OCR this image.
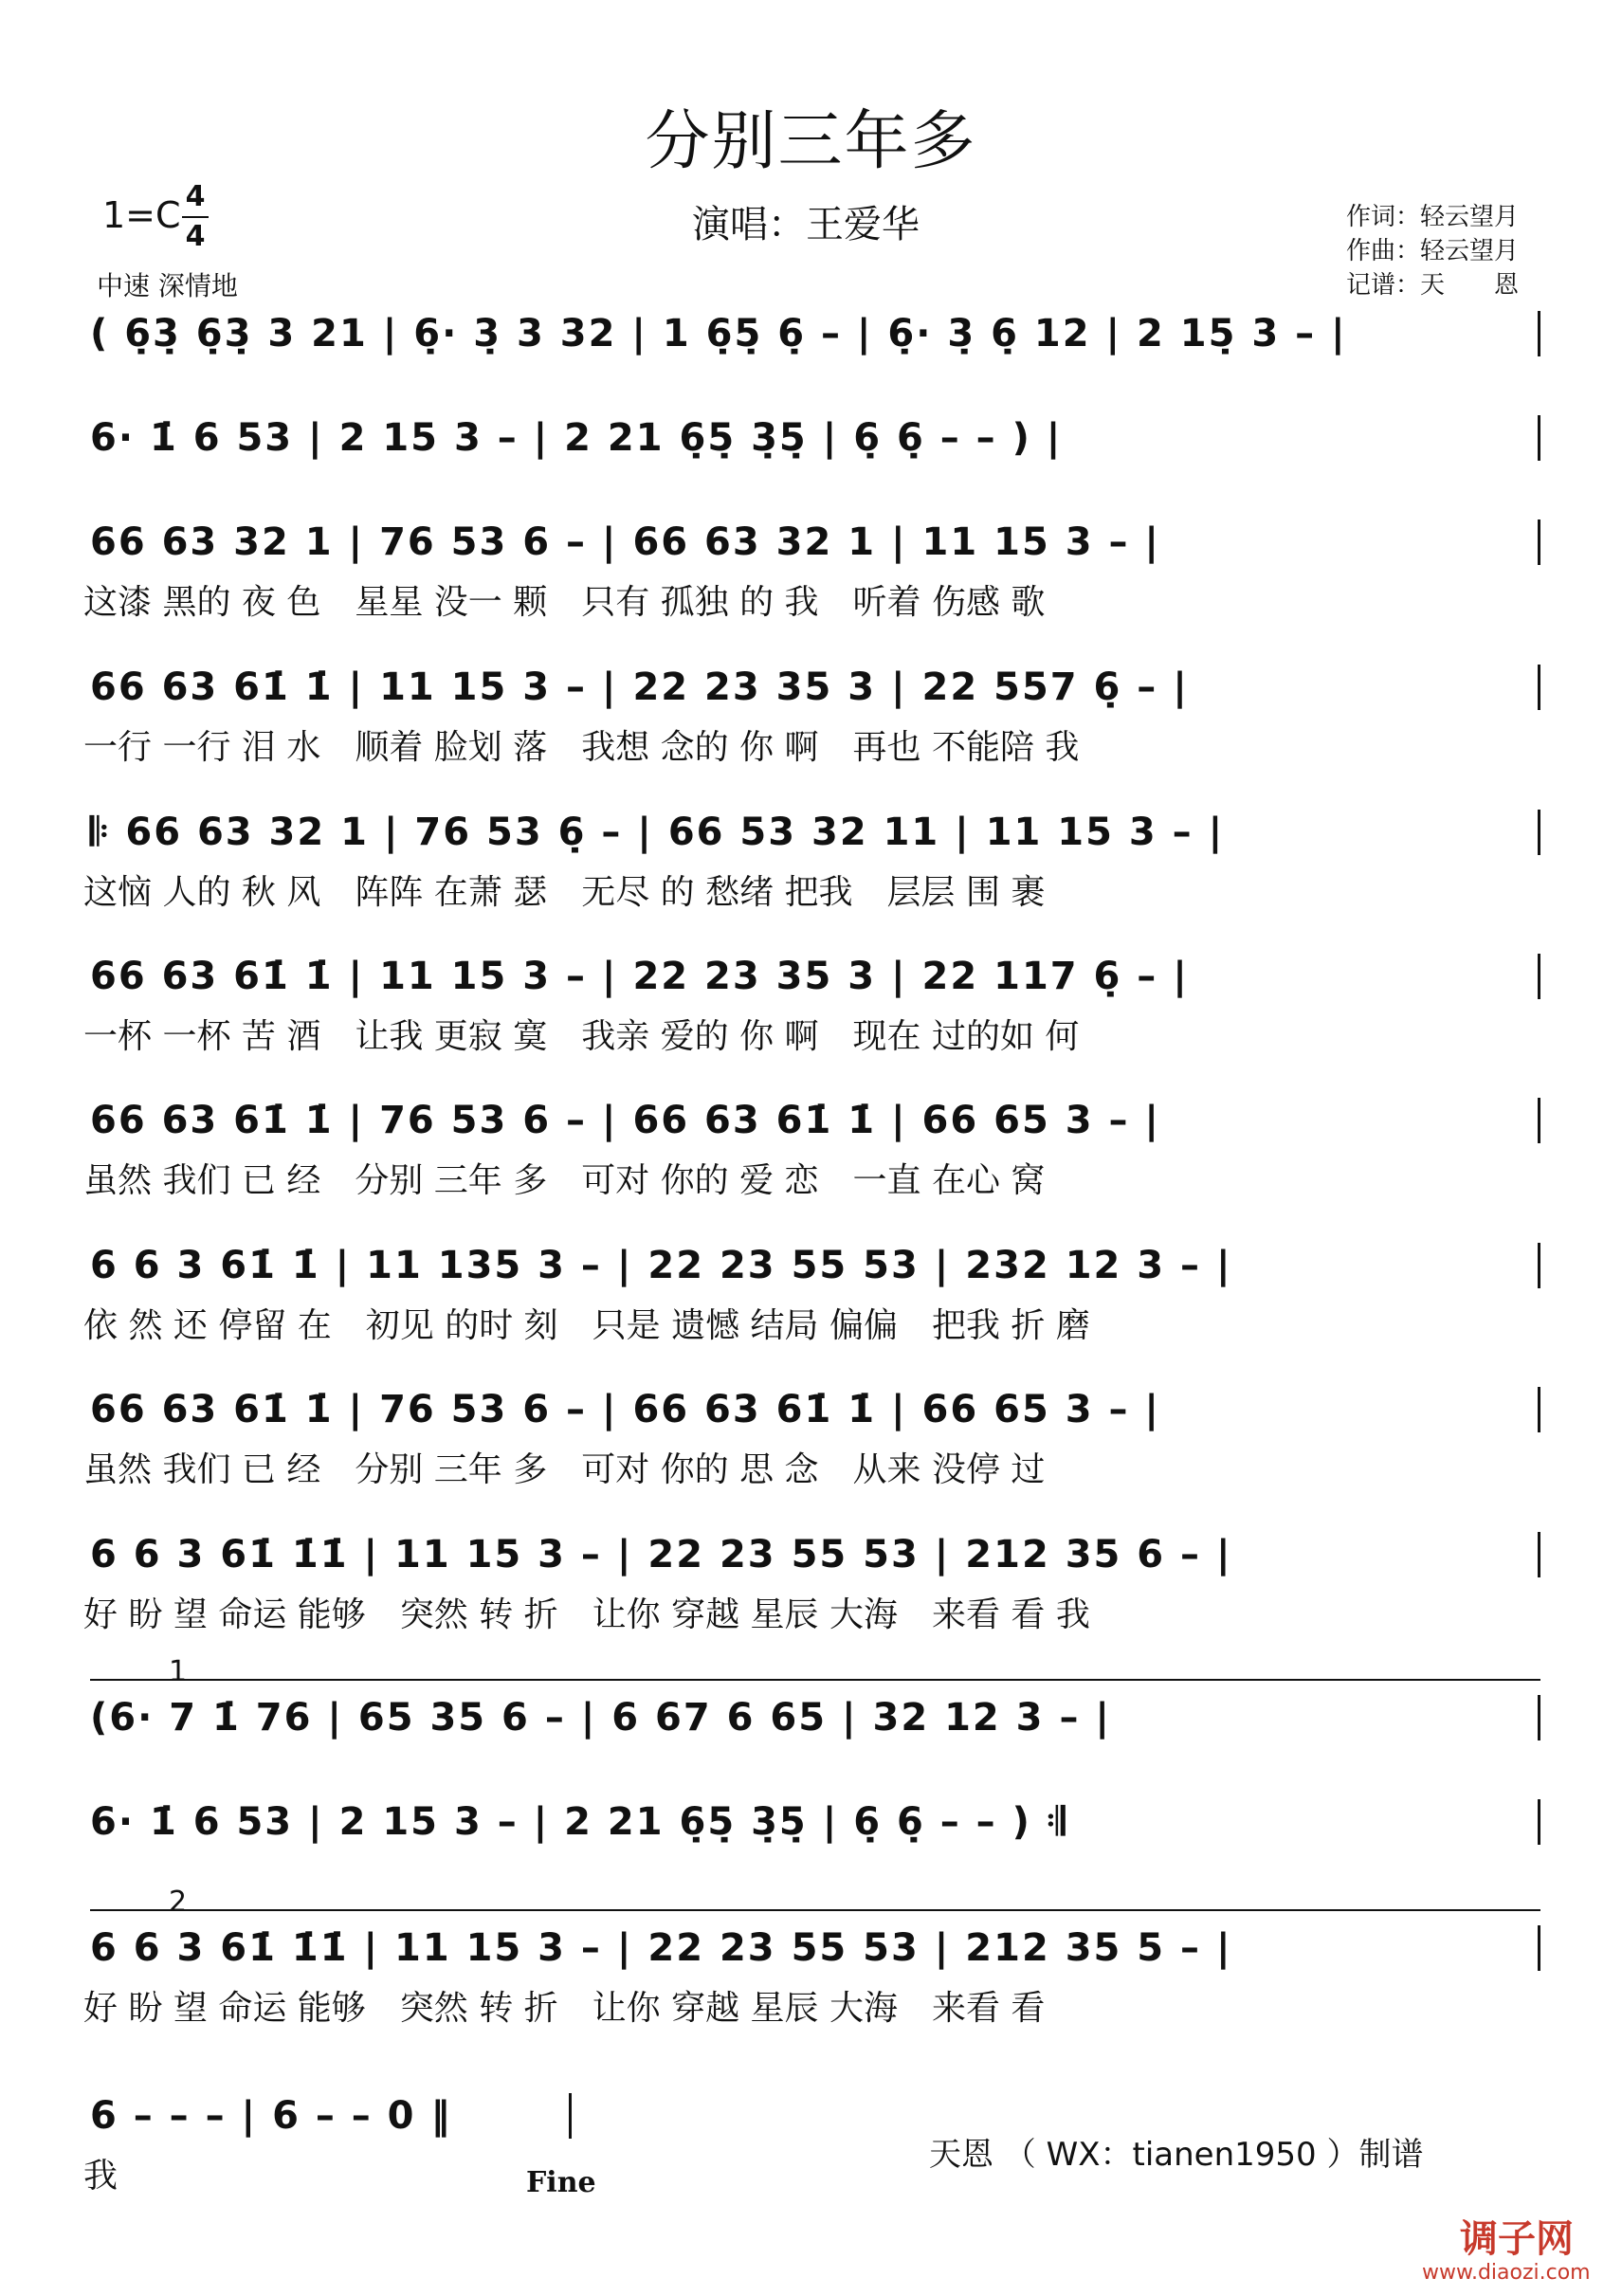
分别三年多
1=C 4
4
中速 深情地
演唱：王爱华	作词：轻云望月
作曲：轻云望月
记谱：天　　恩
( 6̣3̣ 6̣3̣ 3 21 | 6̣· 3̣ 3 32 | 1 6̣5̣ 6̣ – | 6̣· 3̣ 6̣ 12 | 2 15̣ 3 – |
6· 1̇ 6 53 | 2 15 3 – | 2 21 6̣5̣ 3̣5̣ | 6̣ 6̣ – – ) |
66 63 32 1 | 76 53 6 – | 66 63 32 1 | 11 15 3 – |
这漆 黑的 夜 色　星星 没一 颗　只有 孤独 的 我　听着 伤感 歌
66 63 61̇ 1̇ | 11 15 3 – | 22 23 35 3 | 22 557 6̣ – |
一行 一行 泪 水　顺着 脸划 落　我想 念的 你 啊　再也 不能陪 我
𝄆 66 63 32 1 | 76 53 6̣ – | 66 53 32 11 | 11 15 3 – |
这恼 人的 秋 风　阵阵 在萧 瑟　无尽 的 愁绪 把我　层层 围 裹
66 63 61̇ 1̇ | 11 15 3 – | 22 23 35 3 | 22 117 6̣ – |
一杯 一杯 苦 酒　让我 更寂 寞　我亲 爱的 你 啊　现在 过的如 何
66 63 61̇ 1̇ | 76 53 6 – | 66 63 61̇ 1̇ | 66 65 3 – |
虽然 我们 已 经　分别 三年 多　可对 你的 爱 恋　一直 在心 窝
6 6 3 61̇ 1̇ | 11 135 3 – | 22 23 55 53 | 232 12 3 – |
依 然 还 停留 在　初见 的时 刻　只是 遗憾 结局 偏偏　把我 折 磨
66 63 61̇ 1̇ | 76 53 6 – | 66 63 61̇ 1̇ | 66 65 3 – |
虽然 我们 已 经　分别 三年 多　可对 你的 思 念　从来 没停 过
6 6 3 61̇ 1̇1̇ | 11 15 3 – | 22 23 55 53 | 212 35 6 – |
好 盼 望 命运 能够　突然 转 折　让你 穿越 星辰 大海　来看 看 我
(6· 7 1̇ 76 | 65 35 6 – | 6 67 6 65 | 32 12 3 – |
6· 1̇ 6 53 | 2 15 3 – | 2 21 6̣5̣ 3̣5̣ | 6̣ 6̣ – – ) 𝄇
6 6 3 61̇ 1̇1̇ | 11 15 3 – | 22 23 55 53 | 212 35 5 – |
好 盼 望 命运 能够　突然 转 折　让你 穿越 星辰 大海　来看 看
6 – – – | 6 – – 0 ‖
我
1
2
Fine
天恩 （ WX：tianen1950 ）制谱
调子网
www.diaozi.com
